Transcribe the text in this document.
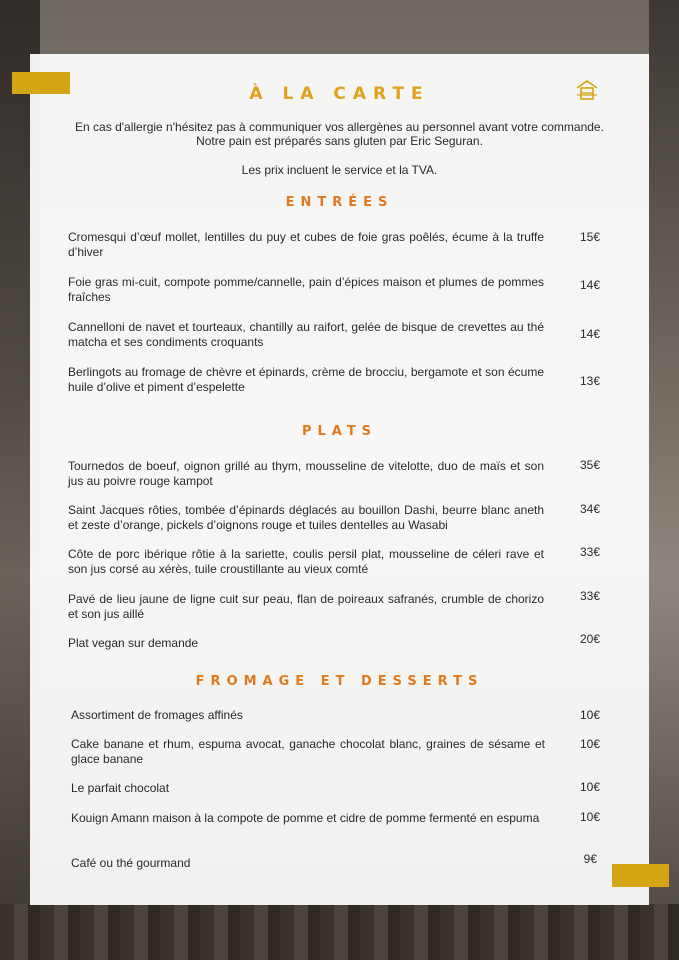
À LA CARTE
En cas d'allergie n'hésitez pas à communiquer vos allergènes au personnel avant votre commande.
Notre pain est préparés sans gluten par Eric Seguran.
Les prix incluent le service et la TVA.
ENTRÉES
Cromesqui d’œuf mollet, lentilles du puy et cubes de foie gras poêlés, écume à la truffe d’hiver
15€
Foie gras mi-cuit, compote pomme/cannelle, pain d’épices maison et plumes de pommes fraîches
14€
Cannelloni de navet et tourteaux, chantilly au raifort, gelée de bisque de crevettes au thé matcha et ses condiments croquants
14€
Berlingots au fromage de chèvre et épinards, crème de brocciu, bergamote et son écume huile d’olive et piment d’espelette	13€
PLATS
Tournedos de boeuf, oignon grillé au thym, mousseline de vitelotte, duo de maïs et son jus au poivre rouge kampot
35€
Saint Jacques rôties, tombée d’épinards déglacés au bouillon Dashi, beurre blanc aneth et zeste d’orange, pickels d’oignons rouge et tuiles dentelles au Wasabi
34€
Côte de porc ibérique rôtie à la sariette, coulis persil plat, mousseline de céleri rave et son jus corsé au xérès, tuile croustillante au vieux comté
33€
Pavé de lieu jaune de ligne cuit sur peau, flan de poireaux safranés, crumble de chorizo et son jus aillé
33€
Plat vegan sur demande	20€
FROMAGE ET DESSERTS
Assortiment de fromages affinés	10€
Cake banane et rhum, espuma avocat, ganache chocolat blanc, graines de sésame et glace banane
10€
Le parfait chocolat	10€
Kouign Amann maison à la compote de pomme et cidre de pomme fermenté en espuma	10€
Café ou thé gourmand	9€
